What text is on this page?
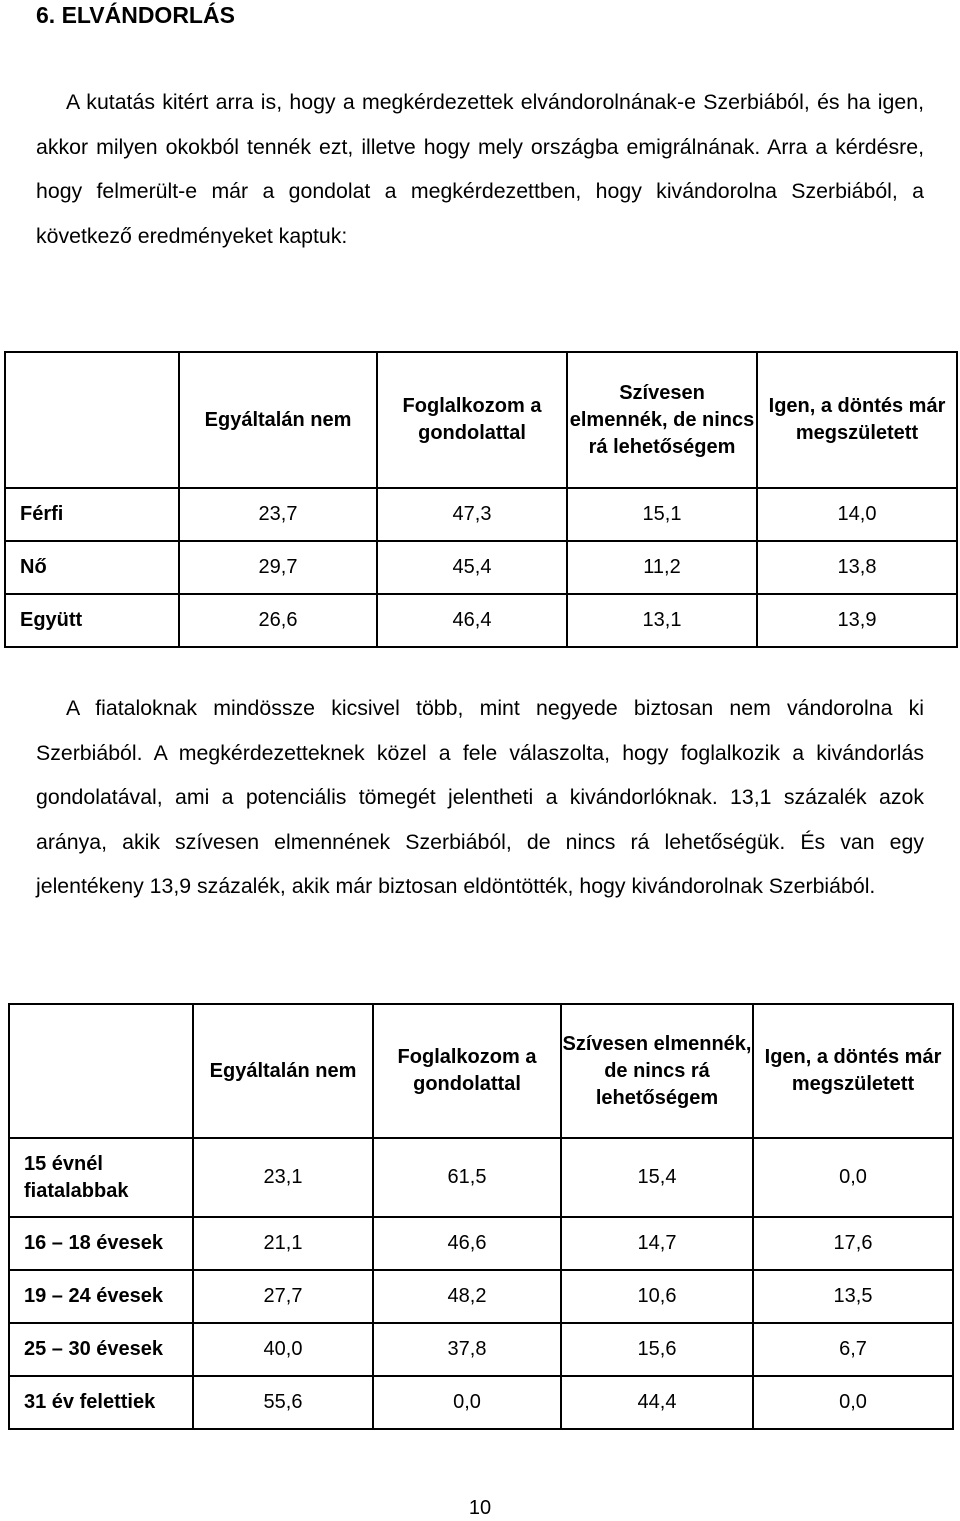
6. ELVÁNDORLÁS

A kutatás kitért arra is, hogy a megkérdezettek elvándorolnának-e Szerbiából, és ha igen, akkor milyen okokból tennék ezt, illetve hogy mely országba emigrálnának. Arra a kérdésre, hogy felmerült-e már a gondolat a megkérdezettben, hogy kivándorolna Szerbiából, a következő eredményeket kaptuk:

	Egyáltalán nem	Foglalkozom a gondolattal	Szívesen elmennék, de nincs rá lehetőségem	Igen, a döntés már megszületett
Férfi	23,7	47,3	15,1	14,0
Nő	29,7	45,4	11,2	13,8
Együtt	26,6	46,4	13,1	13,9

A fiataloknak mindössze kicsivel több, mint negyede biztosan nem vándorolna ki Szerbiából. A megkérdezetteknek közel a fele válaszolta, hogy foglalkozik a kivándorlás gondolatával, ami a potenciális tömegét jelentheti a kivándorlóknak. 13,1 százalék azok aránya, akik szívesen elmennének Szerbiából, de nincs rá lehetőségük. És van egy jelentékeny 13,9 százalék, akik már biztosan eldöntötték, hogy kivándorolnak Szerbiából.

	Egyáltalán nem	Foglalkozom a gondolattal	Szívesen elmennék, de nincs rá lehetőségem	Igen, a döntés már megszületett
15 évnél fiatalabbak	23,1	61,5	15,4	0,0
16 – 18 évesek	21,1	46,6	14,7	17,6
19 – 24 évesek	27,7	48,2	10,6	13,5
25 – 30 évesek	40,0	37,8	15,6	6,7
31 év felettiek	55,6	0,0	44,4	0,0
10
